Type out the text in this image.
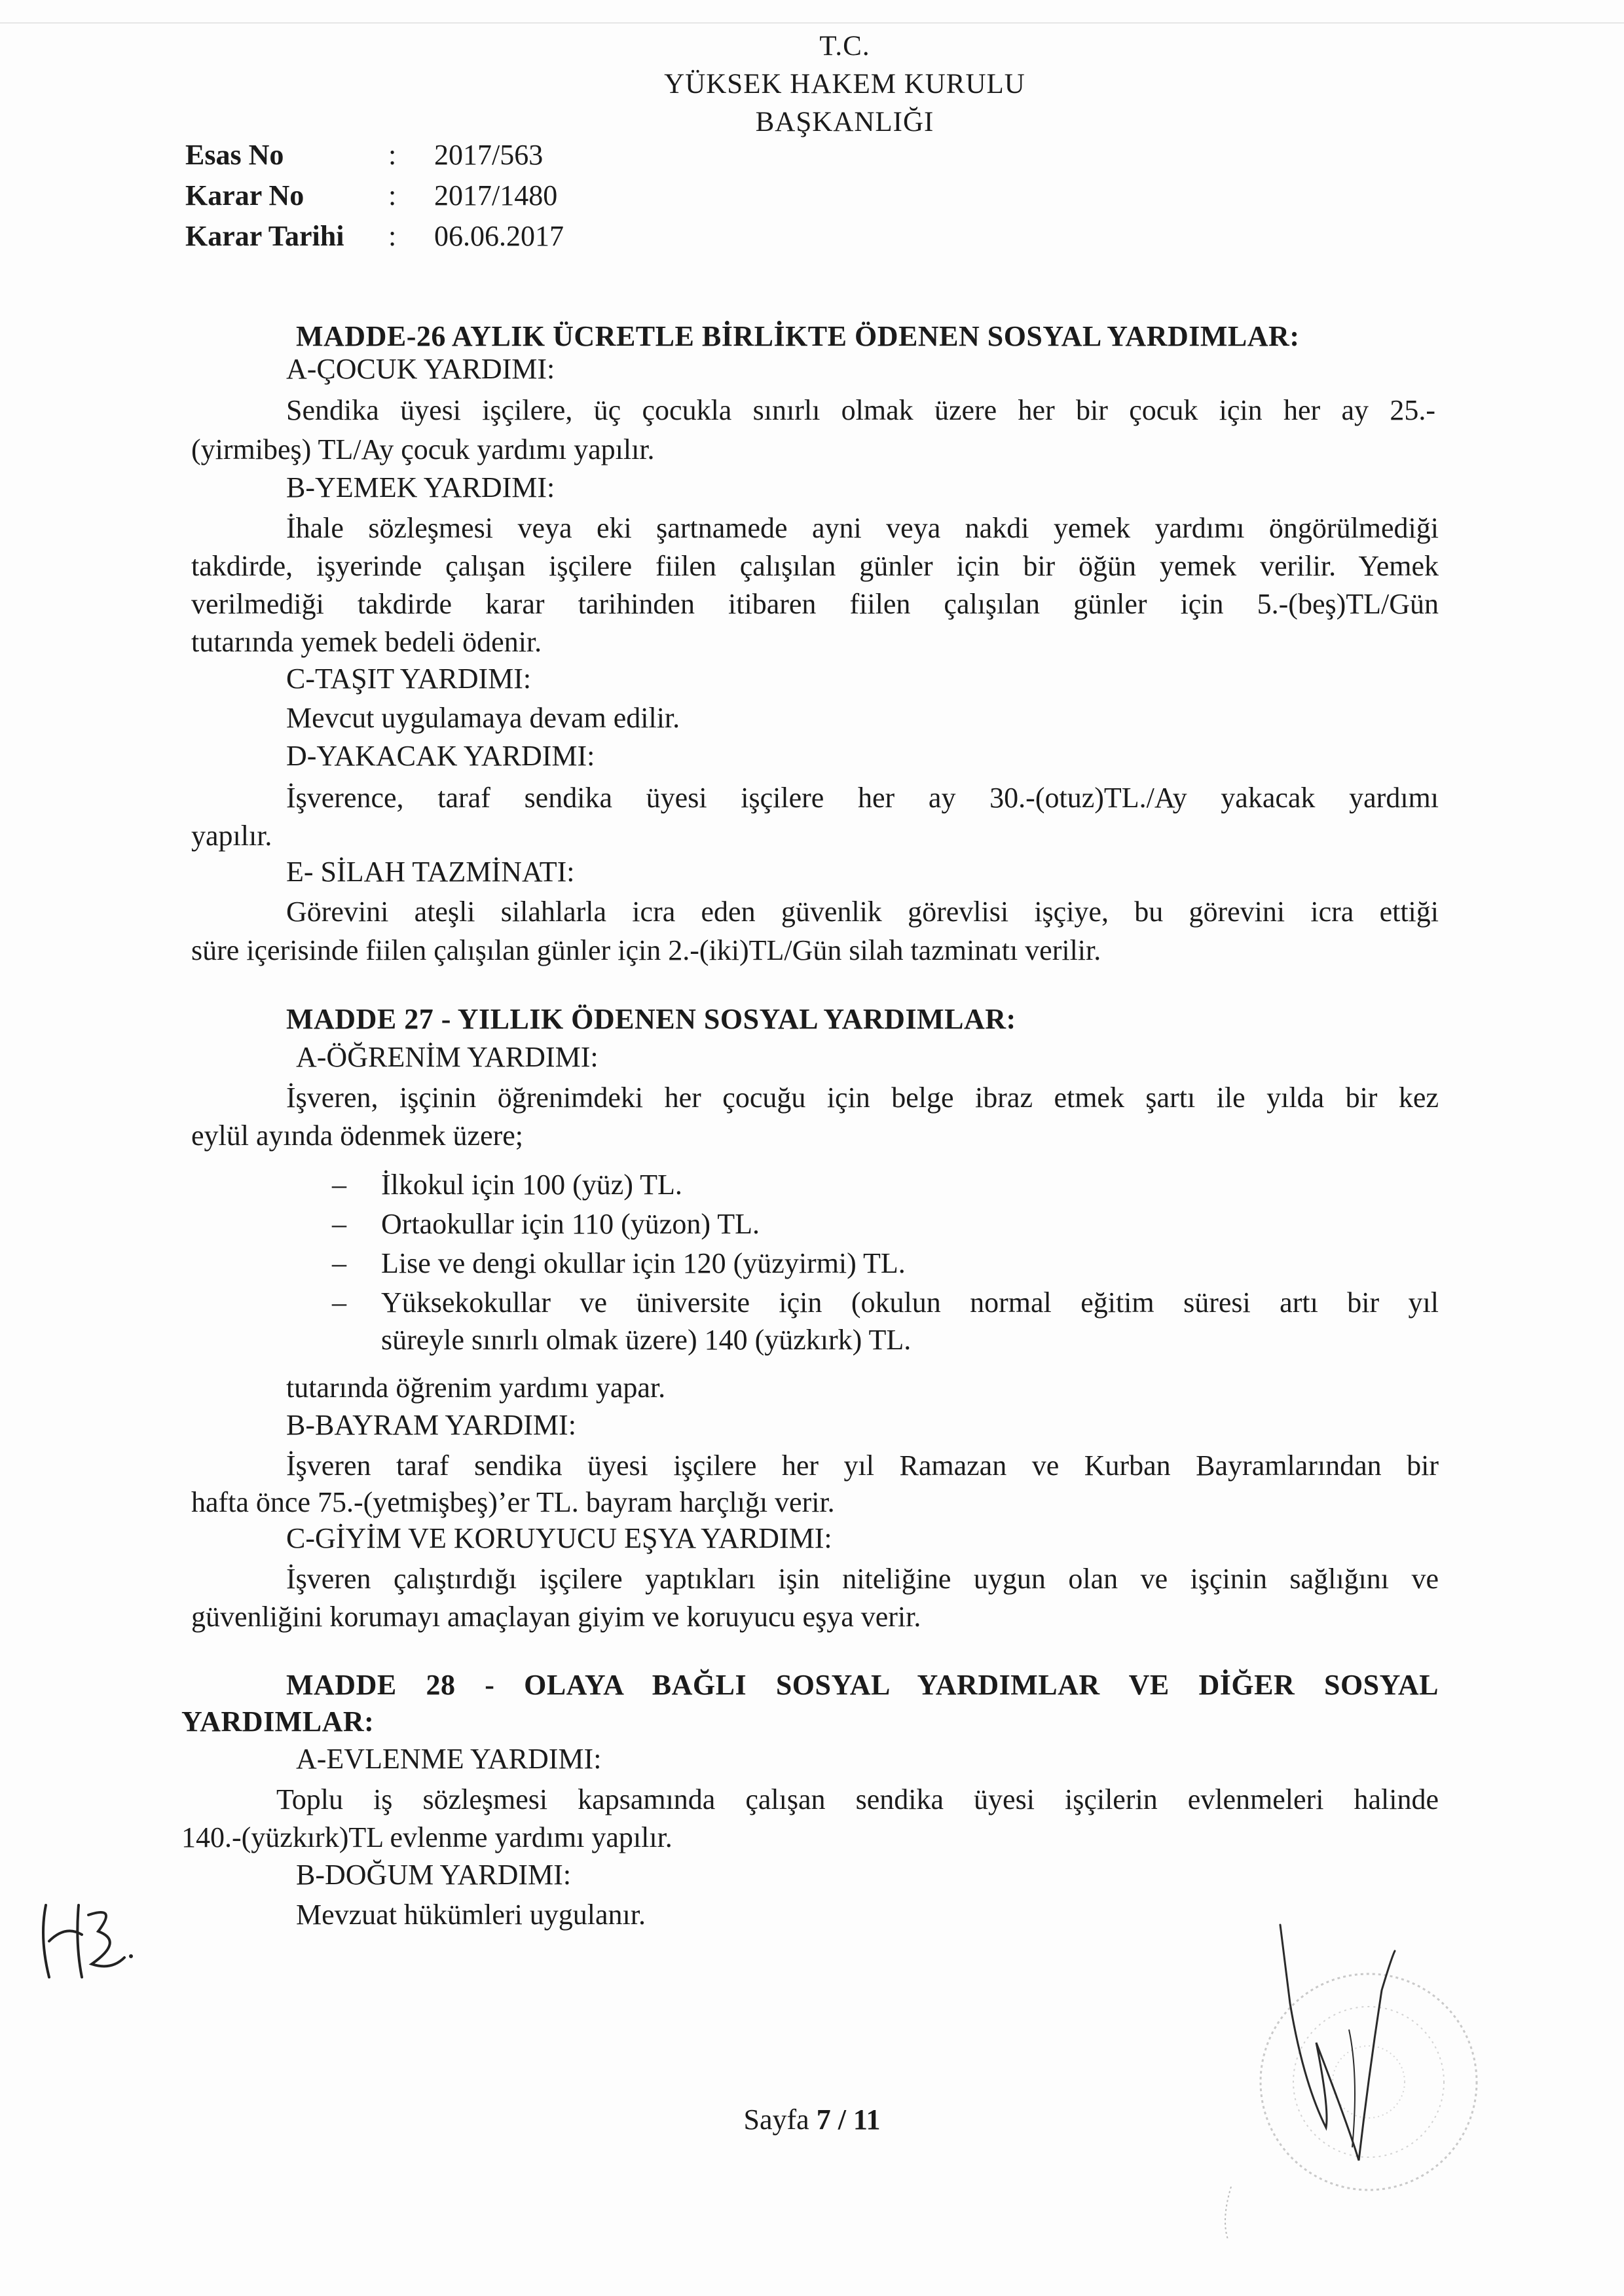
T.C.
YÜKSEK HAKEM KURULU
BAŞKANLIĞI
Esas No	: 2017/563
Karar No	: 2017/1480
Karar Tarihi : 06.06.2017
MADDE-26 AYLIK ÜCRETLE BİRLİKTE ÖDENEN SOSYAL YARDIMLAR:
A-ÇOCUK YARDIMI:
Sendika üyesi işçilere, üç çocukla sınırlı olmak üzere her bir çocuk için her ay 25.-
(yirmibeş) TL/Ay çocuk yardımı yapılır.
B-YEMEK YARDIMI:
İhale sözleşmesi veya eki şartnamede ayni veya nakdi yemek yardımı öngörülmediği
takdirde, işyerinde çalışan işçilere fiilen çalışılan günler için bir öğün yemek verilir. Yemek
verilmediği takdirde karar tarihinden itibaren fiilen çalışılan günler için 5.-(beş)TL/Gün
tutarında yemek bedeli ödenir.
C-TAŞIT YARDIMI:
Mevcut uygulamaya devam edilir.
D-YAKACAK YARDIMI:
İşverence, taraf sendika üyesi işçilere her ay 30.-(otuz)TL./Ay yakacak yardımı
yapılır.
E- SİLAH TAZMİNATI:
Görevini ateşli silahlarla icra eden güvenlik görevlisi işçiye, bu görevini icra ettiği
süre içerisinde fiilen çalışılan günler için 2.-(iki)TL/Gün silah tazminatı verilir.
MADDE 27 - YILLIK ÖDENEN SOSYAL YARDIMLAR:
A-ÖĞRENİM YARDIMI:
İşveren, işçinin öğrenimdeki her çocuğu için belge ibraz etmek şartı ile yılda bir kez
eylül ayında ödenmek üzere;
– İlkokul için 100 (yüz) TL.
– Ortaokullar için 110 (yüzon) TL.
– Lise ve dengi okullar için 120 (yüzyirmi) TL.
– Yüksekokullar ve üniversite için (okulun normal eğitim süresi artı bir yıl
süreyle sınırlı olmak üzere) 140 (yüzkırk) TL.
tutarında öğrenim yardımı yapar.
B-BAYRAM YARDIMI:
İşveren taraf sendika üyesi işçilere her yıl Ramazan ve Kurban Bayramlarından bir
hafta önce 75.-(yetmişbeş)’er TL. bayram harçlığı verir.
C-GİYİM VE KORUYUCU EŞYA YARDIMI:
İşveren çalıştırdığı işçilere yaptıkları işin niteliğine uygun olan ve işçinin sağlığını ve
güvenliğini korumayı amaçlayan giyim ve koruyucu eşya verir.
MADDE 28 - OLAYA BAĞLI SOSYAL YARDIMLAR VE DİĞER SOSYAL
YARDIMLAR:
A-EVLENME YARDIMI:
Toplu iş sözleşmesi kapsamında çalışan sendika üyesi işçilerin evlenmeleri halinde
140.-(yüzkırk)TL evlenme yardımı yapılır.
B-DOĞUM YARDIMI:
Mevzuat hükümleri uygulanır.
Sayfa 7 / 11
